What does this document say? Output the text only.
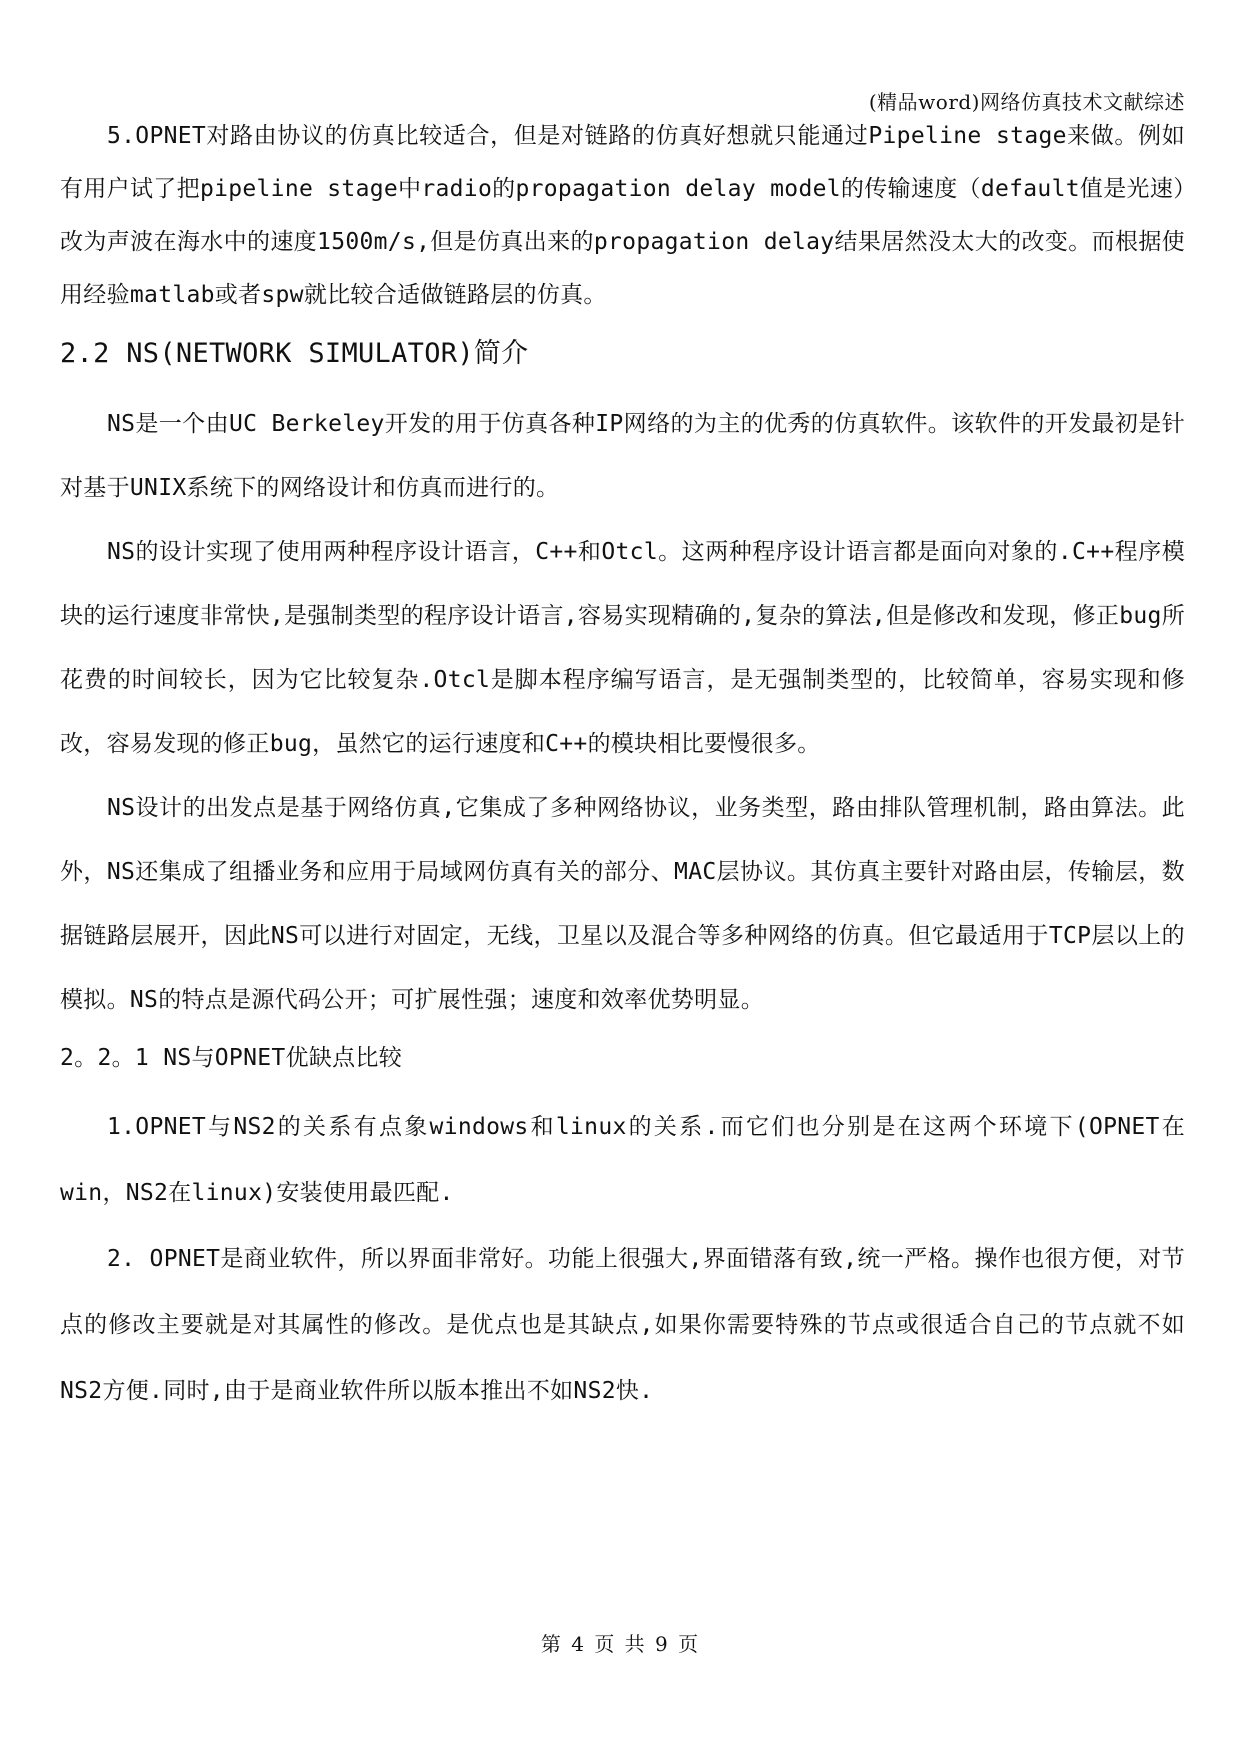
(精品word)网络仿真技术文献综述

5.OPNET对路由协议的仿真比较适合，但是对链路的仿真好想就只能通过Pipeline stage来做。例如有用户试了把pipeline stage中radio的propagation delay model的传输速度（default值是光速）改为声波在海水中的速度1500m/s,但是仿真出来的propagation delay结果居然没太大的改变。而根据使用经验matlab或者spw就比较合适做链路层的仿真。

2.2 NS(NETWORK SIMULATOR)简介

NS是一个由UC Berkeley开发的用于仿真各种IP网络的为主的优秀的仿真软件。该软件的开发最初是针对基于UNIX系统下的网络设计和仿真而进行的。

NS的设计实现了使用两种程序设计语言，C++和Otcl。这两种程序设计语言都是面向对象的.C++程序模块的运行速度非常快,是强制类型的程序设计语言,容易实现精确的,复杂的算法,但是修改和发现，修正bug所花费的时间较长，因为它比较复杂.Otcl是脚本程序编写语言，是无强制类型的，比较简单，容易实现和修改，容易发现的修正bug，虽然它的运行速度和C++的模块相比要慢很多。

NS设计的出发点是基于网络仿真,它集成了多种网络协议，业务类型，路由排队管理机制，路由算法。此外，NS还集成了组播业务和应用于局域网仿真有关的部分、MAC层协议。其仿真主要针对路由层，传输层，数据链路层展开，因此NS可以进行对固定，无线，卫星以及混合等多种网络的仿真。但它最适用于TCP层以上的模拟。NS的特点是源代码公开；可扩展性强；速度和效率优势明显。

2。2。1 NS与OPNET优缺点比较

1.OPNET与NS2的关系有点象windows和linux的关系.而它们也分别是在这两个环境下(OPNET在win，NS2在linux)安装使用最匹配.

2. OPNET是商业软件，所以界面非常好。功能上很强大,界面错落有致,统一严格。操作也很方便，对节点的修改主要就是对其属性的修改。是优点也是其缺点,如果你需要特殊的节点或很适合自己的节点就不如NS2方便.同时,由于是商业软件所以版本推出不如NS2快.

第 4 页 共 9 页
